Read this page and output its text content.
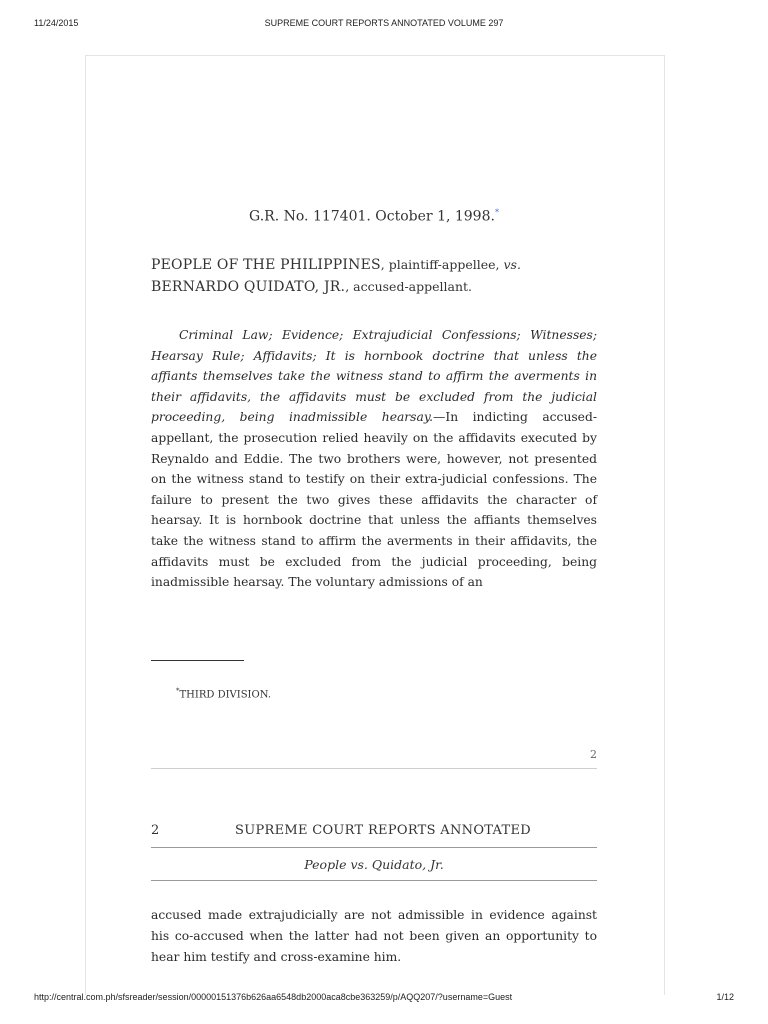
11/24/2015	SUPREME COURT REPORTS ANNOTATED VOLUME 297
G.R. No. 117401. October 1, 1998.*
PEOPLE OF THE PHILIPPINES, plaintiff-appellee, vs.
BERNARDO QUIDATO, JR., accused-appellant.
Criminal Law; Evidence; Extrajudicial Confessions; Witnesses; Hearsay Rule; Affidavits; It is hornbook doctrine that unless the affiants themselves take the witness stand to affirm the averments in their affidavits, the affidavits must be excluded from the judicial proceeding, being inadmissible hearsay.—In indicting accused-appellant, the prosecution relied heavily on the affidavits executed by Reynaldo and Eddie. The two brothers were, however, not presented on the witness stand to testify on their extra-judicial confessions. The failure to present the two gives these affidavits the character of hearsay. It is hornbook doctrine that unless the affiants themselves take the witness stand to affirm the averments in their affidavits, the affidavits must be excluded from the judicial proceeding, being inadmissible hearsay. The voluntary admissions of an
*THIRD DIVISION.
2
2	SUPREME COURT REPORTS ANNOTATED
People vs. Quidato, Jr.
accused made extrajudicially are not admissible in evidence against his co-accused when the latter had not been given an opportunity to hear him testify and cross-examine him.
http://central.com.ph/sfsreader/session/00000151376b626aa6548db2000aca8cbe363259/p/AQQ207/?username=Guest	1/12
